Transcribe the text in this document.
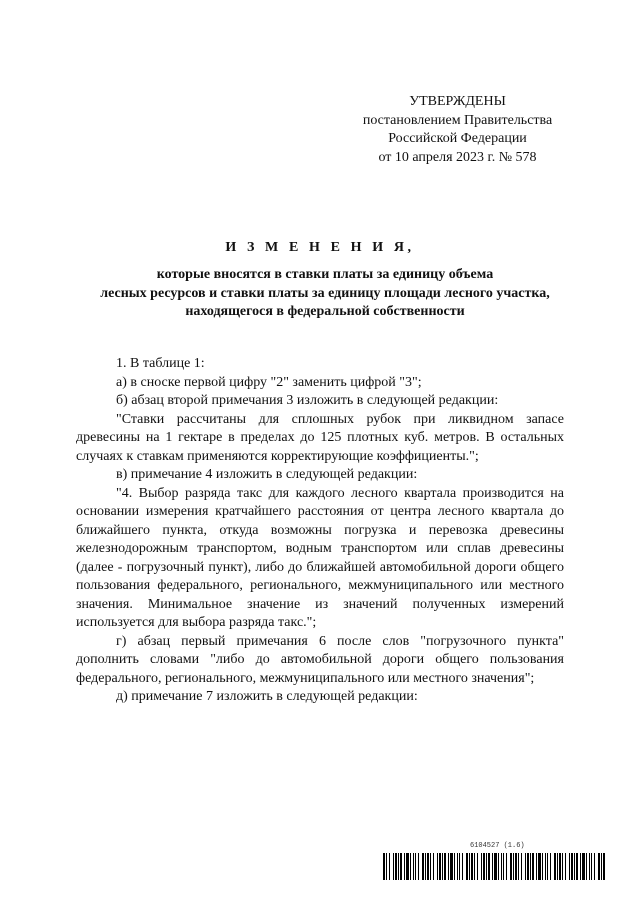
УТВЕРЖДЕНЫ
постановлением Правительства
Российской Федерации
от 10 апреля 2023 г. № 578
И З М Е Н Е Н И Я,
которые вносятся в ставки платы за единицу объема
лесных ресурсов и ставки платы за единицу площади лесного участка,
находящегося в федеральной собственности

1. В таблице 1:

а) в сноске первой цифру "2" заменить цифрой "3";

б) абзац второй примечания 3 изложить в следующей редакции:

"Ставки рассчитаны для сплошных рубок при ликвидном запасе древесины на 1 гектаре в пределах до 125 плотных куб. метров. В остальных случаях к ставкам применяются корректирующие коэффициенты.";

в) примечание 4 изложить в следующей редакции:

"4. Выбор разряда такс для каждого лесного квартала производится на основании измерения кратчайшего расстояния от центра лесного квартала до ближайшего пункта, откуда возможны погрузка и перевозка древесины железнодорожным транспортом, водным транспортом или сплав древесины (далее - погрузочный пункт), либо до ближайшей автомобильной дороги общего пользования федерального, регионального, межмуниципального или местного значения. Минимальное значение из значений полученных измерений используется для выбора разряда такс.";

г) абзац первый примечания 6 после слов "погрузочного пункта" дополнить словами "либо до автомобильной дороги общего пользования федерального, регионального, межмуниципального или местного значения";

д) примечание 7 изложить в следующей редакции:

6104527 (1.6)
